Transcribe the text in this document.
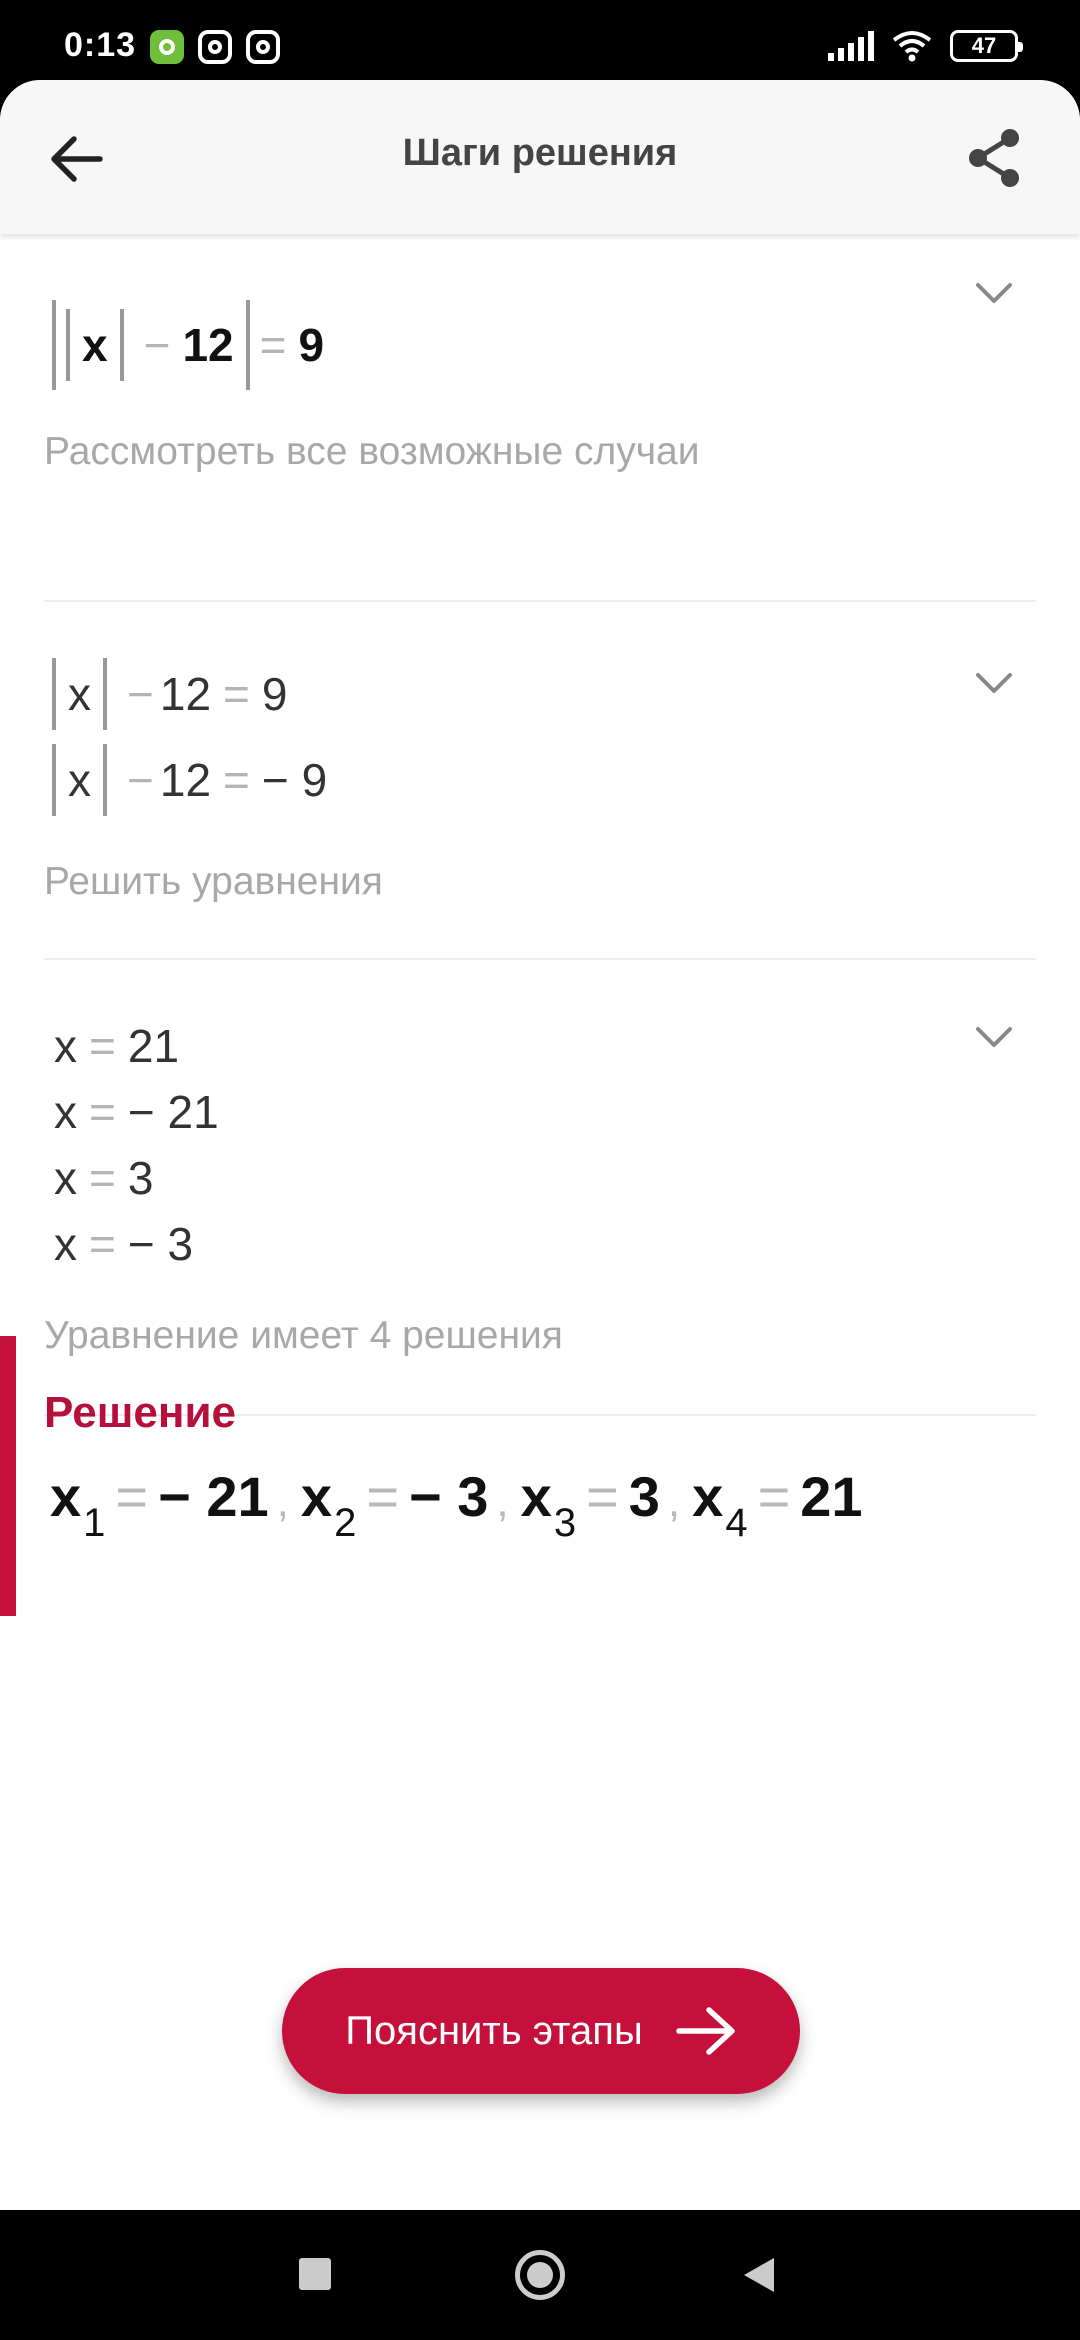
0:13	47
Шаги решения
x − 12 = 9
Рассмотреть все возможные случаи
x − 12 = 9
x − 12 = − 9
Решить уравнения
x = 21
x = − 21
x = 3
x = − 3
Уравнение имеет 4 решения
Решение
$x_1$ = − 21 , $x_2$ = − 3 , $x_3 = 3$ , $x_4 = 21$
Пояснить этапы
